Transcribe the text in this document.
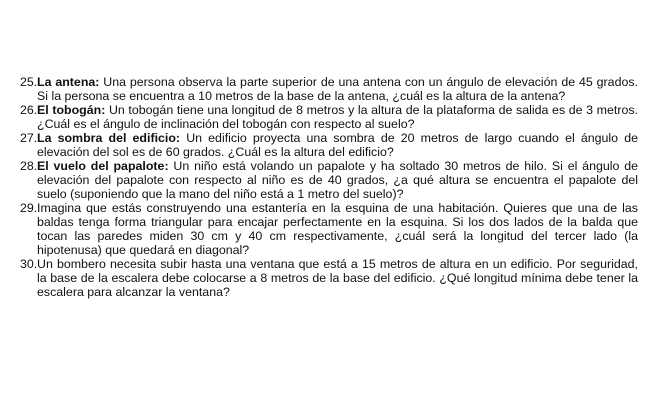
25. La antena: Una persona observa la parte superior de una antena con un ángulo de elevación de 45 grados. Si la persona se encuentra a 10 metros de la base de la antena, ¿cuál es la altura de la antena?
26. El tobogán: Un tobogán tiene una longitud de 8 metros y la altura de la plataforma de salida es de 3 metros. ¿Cuál es el ángulo de inclinación del tobogán con respecto al suelo?
27. La sombra del edificio: Un edificio proyecta una sombra de 20 metros de largo cuando el ángulo de elevación del sol es de 60 grados. ¿Cuál es la altura del edificio?
28. El vuelo del papalote: Un niño está volando un papalote y ha soltado 30 metros de hilo. Si el ángulo de elevación del papalote con respecto al niño es de 40 grados, ¿a qué altura se encuentra el papalote del suelo (suponiendo que la mano del niño está a 1 metro del suelo)?
29. Imagina que estás construyendo una estantería en la esquina de una habitación. Quieres que una de las baldas tenga forma triangular para encajar perfectamente en la esquina. Si los dos lados de la balda que tocan las paredes miden 30 cm y 40 cm respectivamente, ¿cuál será la longitud del tercer lado (la hipotenusa) que quedará en diagonal?
30. Un bombero necesita subir hasta una ventana que está a 15 metros de altura en un edificio. Por seguridad, la base de la escalera debe colocarse a 8 metros de la base del edificio. ¿Qué longitud mínima debe tener la escalera para alcanzar la ventana?
